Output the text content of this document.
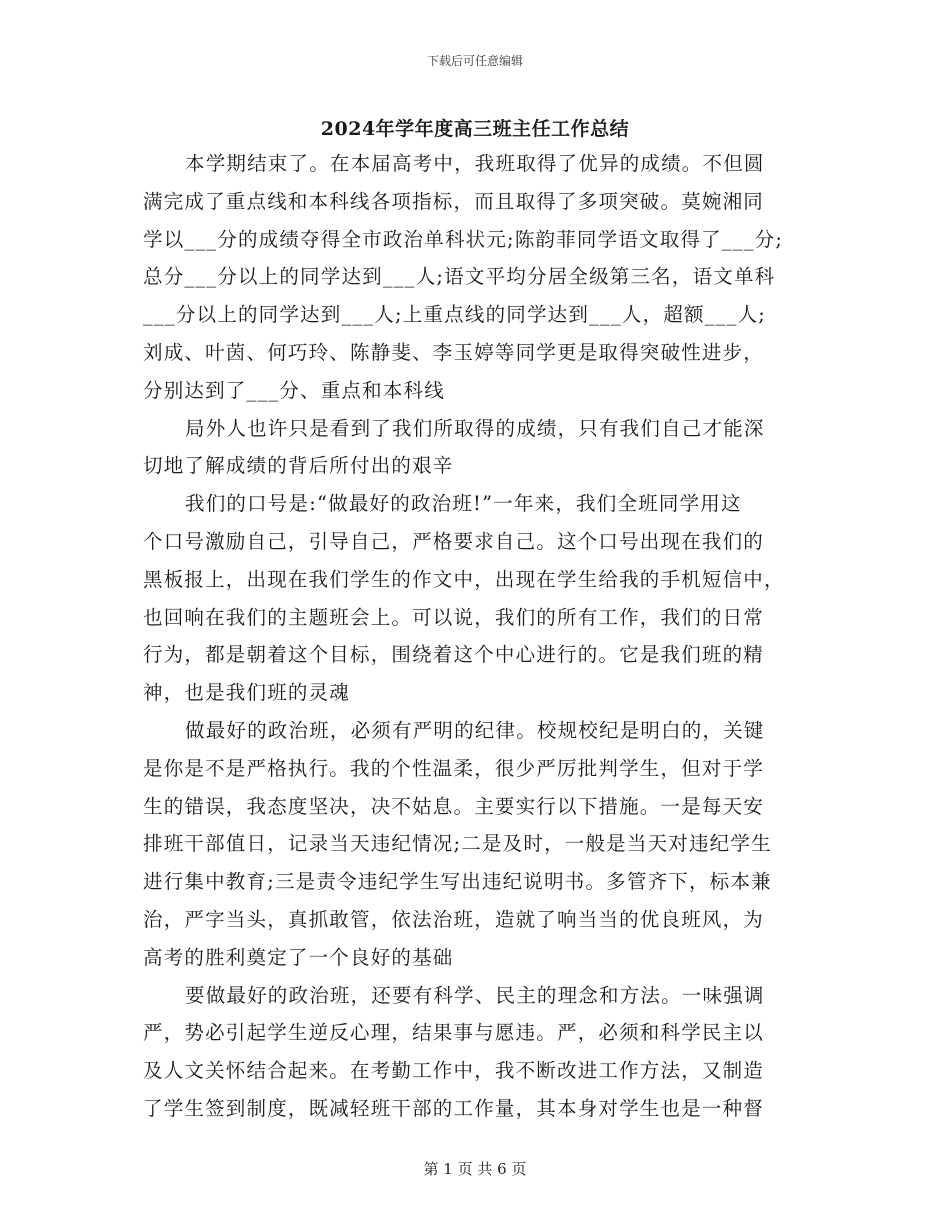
下载后可任意编辑
2024年学年度高三班主任工作总结
本学期结束了。在本届高考中，我班取得了优异的成绩。不但圆
满完成了重点线和本科线各项指标，而且取得了多项突破。莫婉湘同
学以___分的成绩夺得全市政治单科状元;陈韵菲同学语文取得了___分;
总分___分以上的同学达到___人;语文平均分居全级第三名，语文单科
___分以上的同学达到___人;上重点线的同学达到___人，超额___人;
刘成、叶茵、何巧玲、陈静斐、李玉婷等同学更是取得突破性进步，
分别达到了___分、重点和本科线
局外人也许只是看到了我们所取得的成绩，只有我们自己才能深
切地了解成绩的背后所付出的艰辛
我们的口号是:“做最好的政治班!”一年来，我们全班同学用这
个口号激励自己，引导自己，严格要求自己。这个口号出现在我们的
黑板报上，出现在我们学生的作文中，出现在学生给我的手机短信中，
也回响在我们的主题班会上。可以说，我们的所有工作，我们的日常
行为，都是朝着这个目标，围绕着这个中心进行的。它是我们班的精
神，也是我们班的灵魂
做最好的政治班，必须有严明的纪律。校规校纪是明白的，关键
是你是不是严格执行。我的个性温柔，很少严厉批判学生，但对于学
生的错误，我态度坚决，决不姑息。主要实行以下措施。一是每天安
排班干部值日，记录当天违纪情况;二是及时，一般是当天对违纪学生
进行集中教育;三是责令违纪学生写出违纪说明书。多管齐下，标本兼
治，严字当头，真抓敢管，依法治班，造就了响当当的优良班风，为
高考的胜利奠定了一个良好的基础
要做最好的政治班，还要有科学、民主的理念和方法。一味强调
严，势必引起学生逆反心理，结果事与愿违。严，必须和科学民主以
及人文关怀结合起来。在考勤工作中，我不断改进工作方法，又制造
了学生签到制度，既减轻班干部的工作量，其本身对学生也是一种督
第 1 页 共 6 页
